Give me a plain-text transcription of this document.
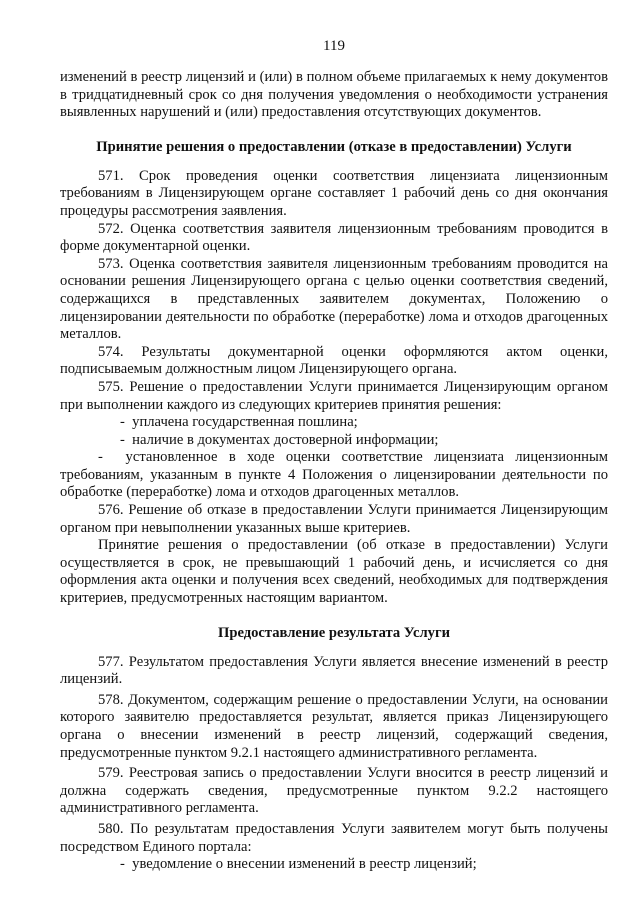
119

изменений в реестр лицензий и (или) в полном объеме прилагаемых к нему документов в тридцатидневный срок со дня получения уведомления о необходимости устранения выявленных нарушений и (или) предоставления отсутствующих документов.

Принятие решения о предоставлении (отказе в предоставлении) Услуги

571. Срок проведения оценки соответствия лицензиата лицензионным требованиям в Лицензирующем органе составляет 1 рабочий день со дня окончания процедуры рассмотрения заявления.

572. Оценка соответствия заявителя лицензионным требованиям проводится в форме документарной оценки.

573. Оценка соответствия заявителя лицензионным требованиям проводится на основании решения Лицензирующего органа с целью оценки соответствия сведений, содержащихся в представленных заявителем документах, Положению о лицензировании деятельности по обработке (переработке) лома и отходов драгоценных металлов.

574. Результаты документарной оценки оформляются актом оценки, подписываемым должностным лицом Лицензирующего органа.

575. Решение о предоставлении Услуги принимается Лицензирующим органом при выполнении каждого из следующих критериев принятия решения:

-  уплачена государственная пошлина;
-  наличие в документах достоверной информации;

-  установленное в ходе оценки соответствие лицензиата лицензионным требованиям, указанным в пункте 4 Положения о лицензировании деятельности по обработке (переработке) лома и отходов драгоценных металлов.

576. Решение об отказе в предоставлении Услуги принимается Лицензирующим органом при невыполнении указанных выше критериев.

Принятие решения о предоставлении (об отказе в предоставлении) Услуги осуществляется в срок, не превышающий 1 рабочий день, и исчисляется со дня оформления акта оценки и получения всех сведений, необходимых для подтверждения критериев, предусмотренных настоящим вариантом.

Предоставление результата Услуги

577. Результатом предоставления Услуги является внесение изменений в реестр лицензий.

578. Документом, содержащим решение о предоставлении Услуги, на основании которого заявителю предоставляется результат, является приказ Лицензирующего органа о внесении изменений в реестр лицензий, содержащий сведения, предусмотренные пунктом 9.2.1 настоящего административного регламента.

579. Реестровая запись о предоставлении Услуги вносится в реестр лицензий и должна содержать сведения, предусмотренные пунктом 9.2.2 настоящего административного регламента.

580. По результатам предоставления Услуги заявителем могут быть получены посредством Единого портала:

-  уведомление о внесении изменений в реестр лицензий;
